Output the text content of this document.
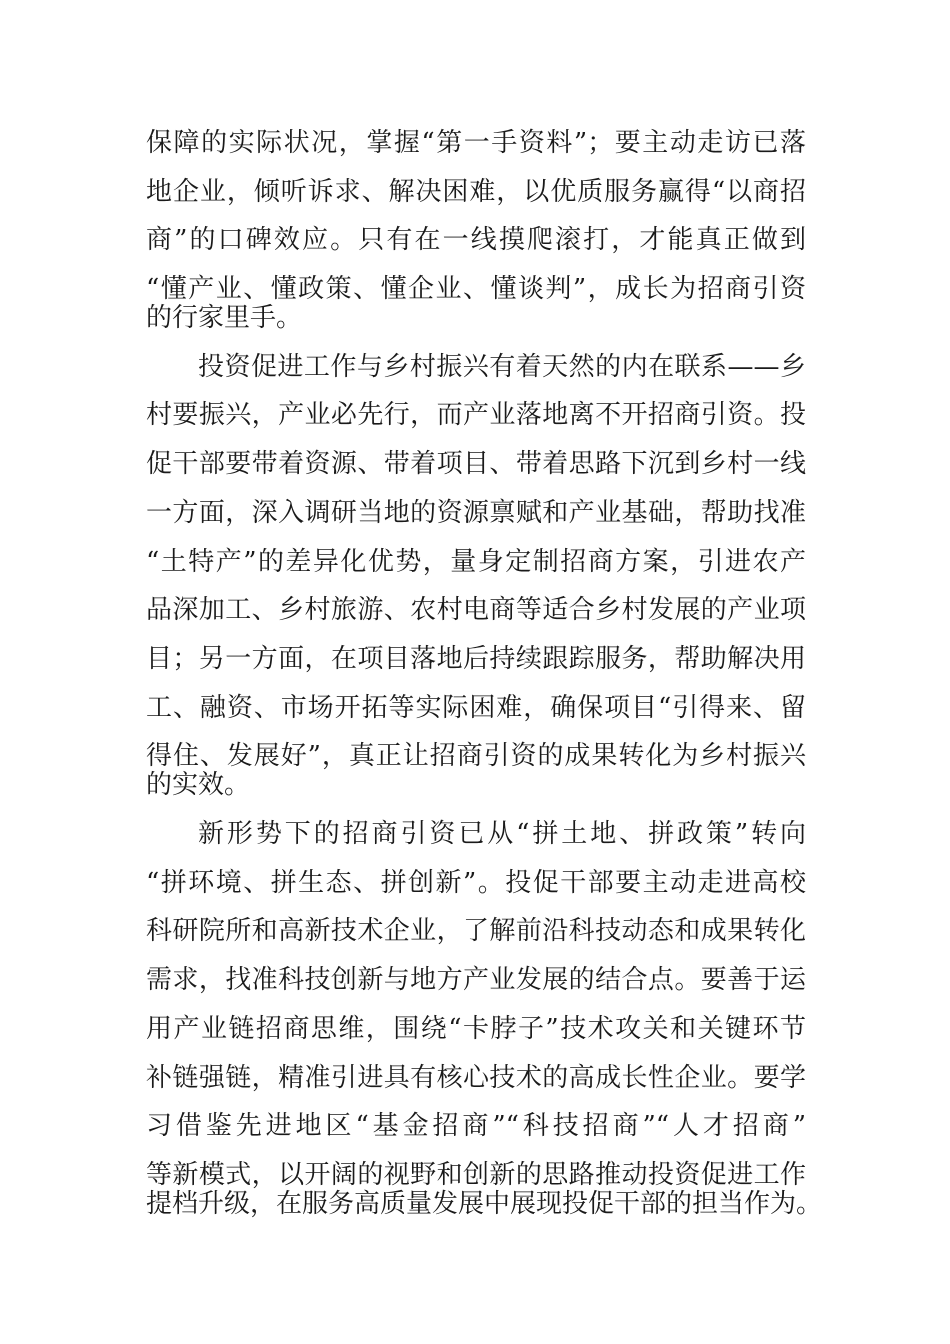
保障的实际状况，掌握“第一手资料”；要主动走访已落
地企业，倾听诉求、解决困难，以优质服务赢得“以商招
商”的口碑效应。只有在一线摸爬滚打，才能真正做到
“懂产业、懂政策、懂企业、懂谈判”，成长为招商引资
的行家里手。
投资促进工作与乡村振兴有着天然的内在联系——乡
村要振兴，产业必先行，而产业落地离不开招商引资。投
促干部要带着资源、带着项目、带着思路下沉到乡村一线
一方面，深入调研当地的资源禀赋和产业基础，帮助找准
“土特产”的差异化优势，量身定制招商方案，引进农产
品深加工、乡村旅游、农村电商等适合乡村发展的产业项
目；另一方面，在项目落地后持续跟踪服务，帮助解决用
工、融资、市场开拓等实际困难，确保项目“引得来、留
得住、发展好”，真正让招商引资的成果转化为乡村振兴
的实效。
新形势下的招商引资已从“拼土地、拼政策”转向
“拼环境、拼生态、拼创新”。投促干部要主动走进高校
科研院所和高新技术企业，了解前沿科技动态和成果转化
需求，找准科技创新与地方产业发展的结合点。要善于运
用产业链招商思维，围绕“卡脖子”技术攻关和关键环节
补链强链，精准引进具有核心技术的高成长性企业。要学
习借鉴先进地区“基金招商”“科技招商”“人才招商”
等新模式，以开阔的视野和创新的思路推动投资促进工作
提档升级，在服务高质量发展中展现投促干部的担当作为。
